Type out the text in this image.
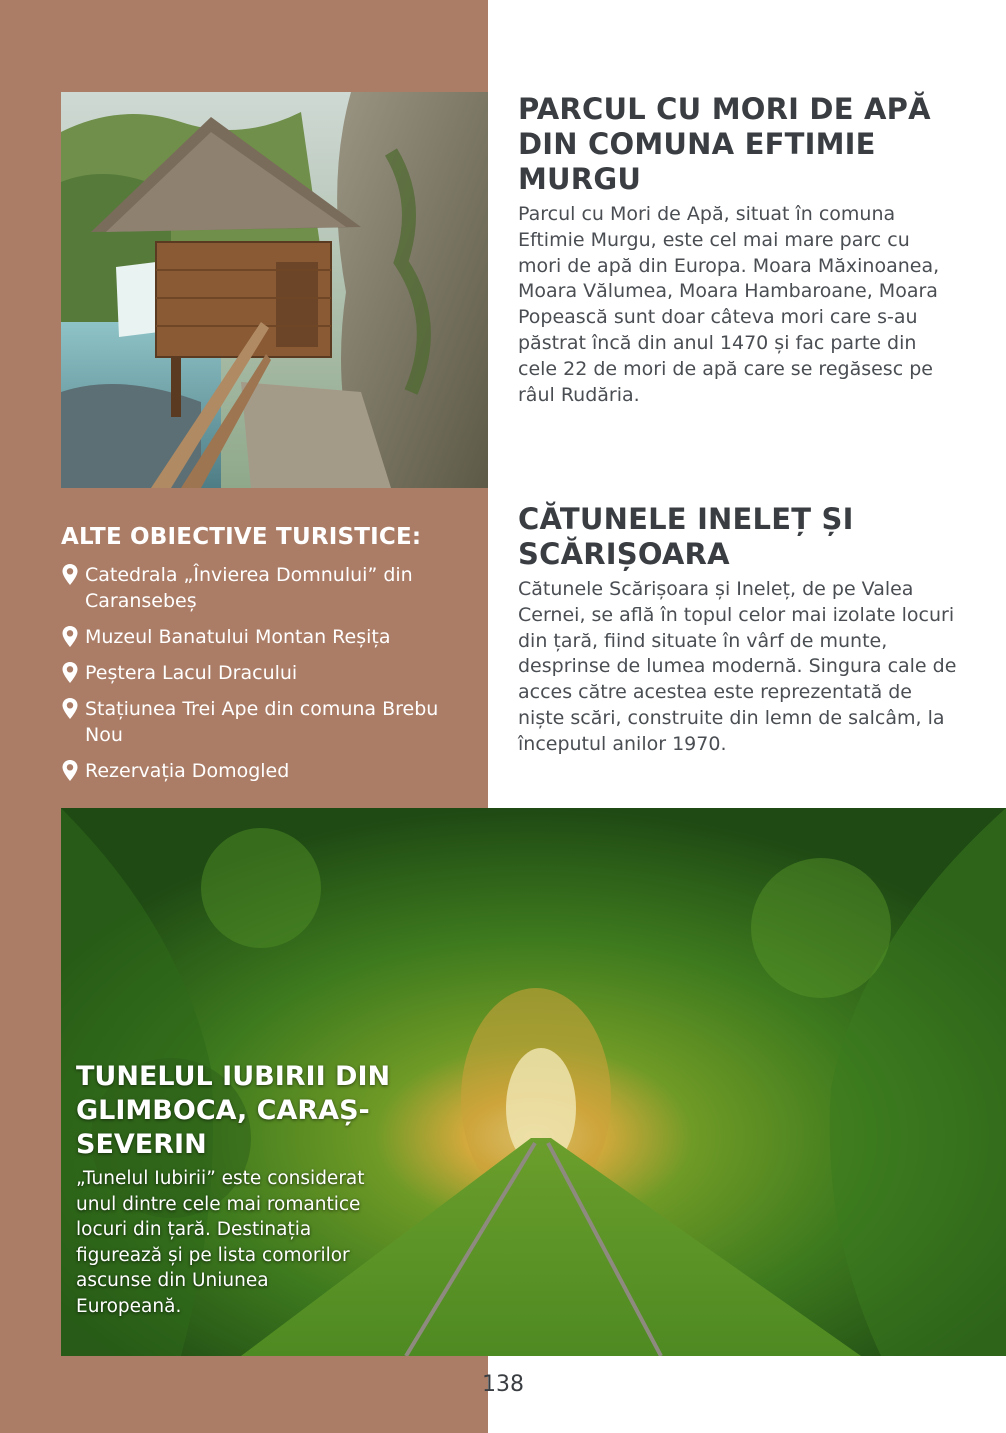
PARCUL CU MORI DE APĂ DIN COMUNA EFTIMIE MURGU

Parcul cu Mori de Apă, situat în comuna Eftimie Murgu, este cel mai mare parc cu mori de apă din Europa. Moara Măxinoanea, Moara Vălumea, Moara Hambaroane, Moara Popească sunt doar câteva mori care s-au păstrat încă din anul 1470 și fac parte din cele 22 de mori de apă care se regăsesc pe râul Rudăria.

CĂTUNELE INELEȚ ȘI SCĂRIȘOARA

Cătunele Scărișoara și Ineleț, de pe Valea Cernei, se află în topul celor mai izolate locuri din țară, fiind situate în vârf de munte, desprinse de lumea modernă. Singura cale de acces către acestea este reprezentată de niște scări, construite din lemn de salcâm, la începutul anilor 1970.

ALTE OBIECTIVE TURISTICE:
Catedrala „Învierea Domnului” din Caransebeș
Muzeul Banatului Montan Reșița
Peștera Lacul Dracului
Stațiunea Trei Ape din comuna Brebu Nou
Rezervația Domogled
TUNELUL IUBIRII DIN GLIMBOCA, CARAȘ-SEVERIN

„Tunelul Iubirii” este considerat unul dintre cele mai romantice locuri din țară. Destinația figurează și pe lista comorilor ascunse din Uniunea Europeană.

138
